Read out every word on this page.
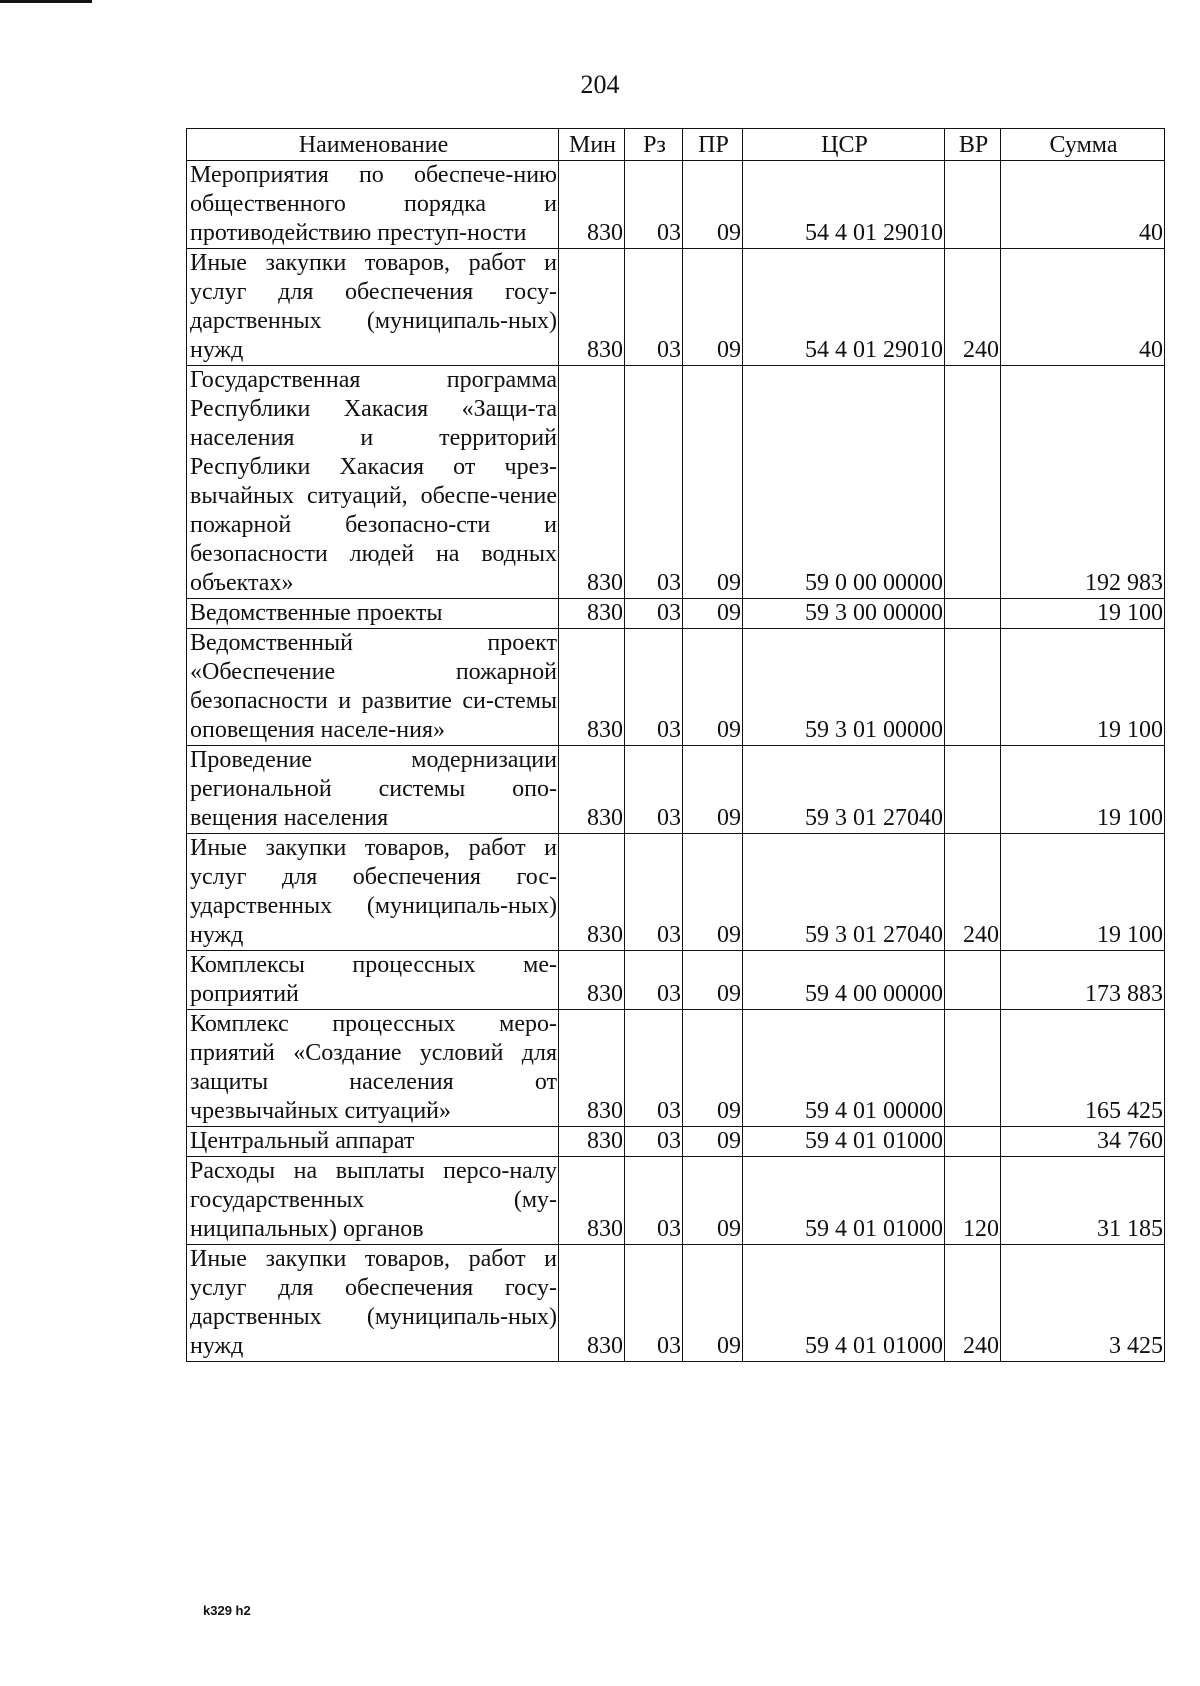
204
Наименование	Мин	Рз	ПР	ЦСР	ВР	Сумма
Мероприятия по обеспече-нию общественного порядка и противодействию преступ-ности	830	03	09	54 4 01 29010		40
Иные закупки товаров, работ и услуг для обеспечения госу-дарственных (муниципаль-ных) нужд	830	03	09	54 4 01 29010	240	40
Государственная программа Республики Хакасия «Защи-та населения и территорий Республики Хакасия от чрез-вычайных ситуаций, обеспе-чение пожарной безопасно-сти и безопасности людей на водных объектах»	830	03	09	59 0 00 00000		192 983
Ведомственные проекты	830	03	09	59 3 00 00000		19 100
Ведомственный проект «Обеспечение пожарной безопасности и развитие си-стемы оповещения населе-ния»	830	03	09	59 3 01 00000		19 100
Проведение модернизации региональной системы опо-вещения населения	830	03	09	59 3 01 27040		19 100
Иные закупки товаров, работ и услуг для обеспечения гос-ударственных (муниципаль-ных) нужд	830	03	09	59 3 01 27040	240	19 100
Комплексы процессных ме-роприятий	830	03	09	59 4 00 00000		173 883
Комплекс процессных меро-приятий «Создание условий для защиты населения от чрезвычайных ситуаций»	830	03	09	59 4 01 00000		165 425
Центральный аппарат	830	03	09	59 4 01 01000		34 760
Расходы на выплаты персо-налу государственных (му-ниципальных) органов	830	03	09	59 4 01 01000	120	31 185
Иные закупки товаров, работ и услуг для обеспечения госу-дарственных (муниципаль-ных) нужд	830	03	09	59 4 01 01000	240	3 425
k329 h2
